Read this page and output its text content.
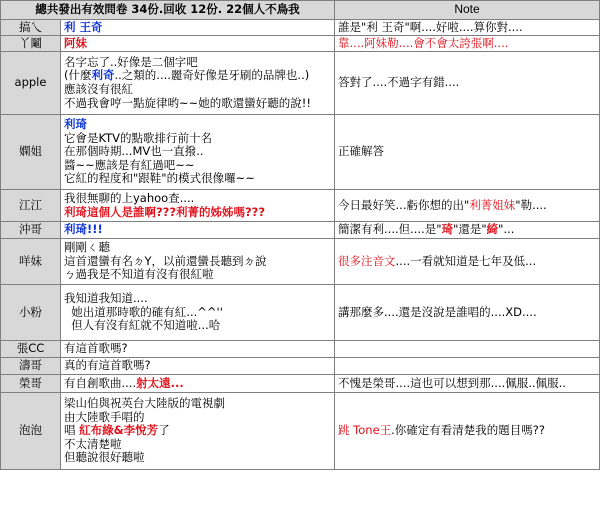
總共發出有效問卷 34份.回收 12份. 22個人不鳥我		Note
搞乀	利 王奇	誰是"利 王奇"啊....好啦....算你對....

丫鬮	阿妹	靠....阿妹勒....會不會太誇張啊....

apple	名字忘了..好像是二個字吧
(什麼利奇..之類的....麗奇好像是牙刷的品牌也..)
應該沒有很紅
不過我會哼一點旋律哟~~她的歌還蠻好聽的說!!	答對了....不過字有錯....

嫻姐	利琦
它會是KTV的點歌排行前十名
在那個時期...MV也一直撥..
醬~~應該是有紅過吧~~
它紅的程度和"跟鞋"的模式很像囉~~	正確解答

江江	我很無聊的上yahoo查....
利琦這個人是誰啊???利菁的姊姊嗎???	今日最好笑...虧你想的出"利菁姐妹"勒....

沖哥	利琦!!!	簡潔有利....但....是"琦"還是"綺"...

咩妹	剛剛ㄑ聽
這首還蠻有名ㄉY，以前還蠻長聽到ㄉ說
ㄅ過我是不知道有沒有很紅啦	很多注音文....一看就知道是七年及低...

小粉	我知道我知道....
她出道那時歌的確有紅...^^''
但人有沒有紅就不知道啦...哈	講那麼多....還是沒說是誰唱的....XD....

張CC	有這首歌嗎?	

濤哥	真的有這首歌嗎?	

榮哥	有自創歌曲....射太遠...	不愧是榮哥....這也可以想到那....佩服..佩服..

泡泡	梁山伯與祝英台大陸版的電視劇
由大陸歌手唱的
唱 紅布綠&李悅芳了
不太清楚啦
但聽說很好聽啦	跳 Tone王.你確定有看清楚我的題目嗎??
